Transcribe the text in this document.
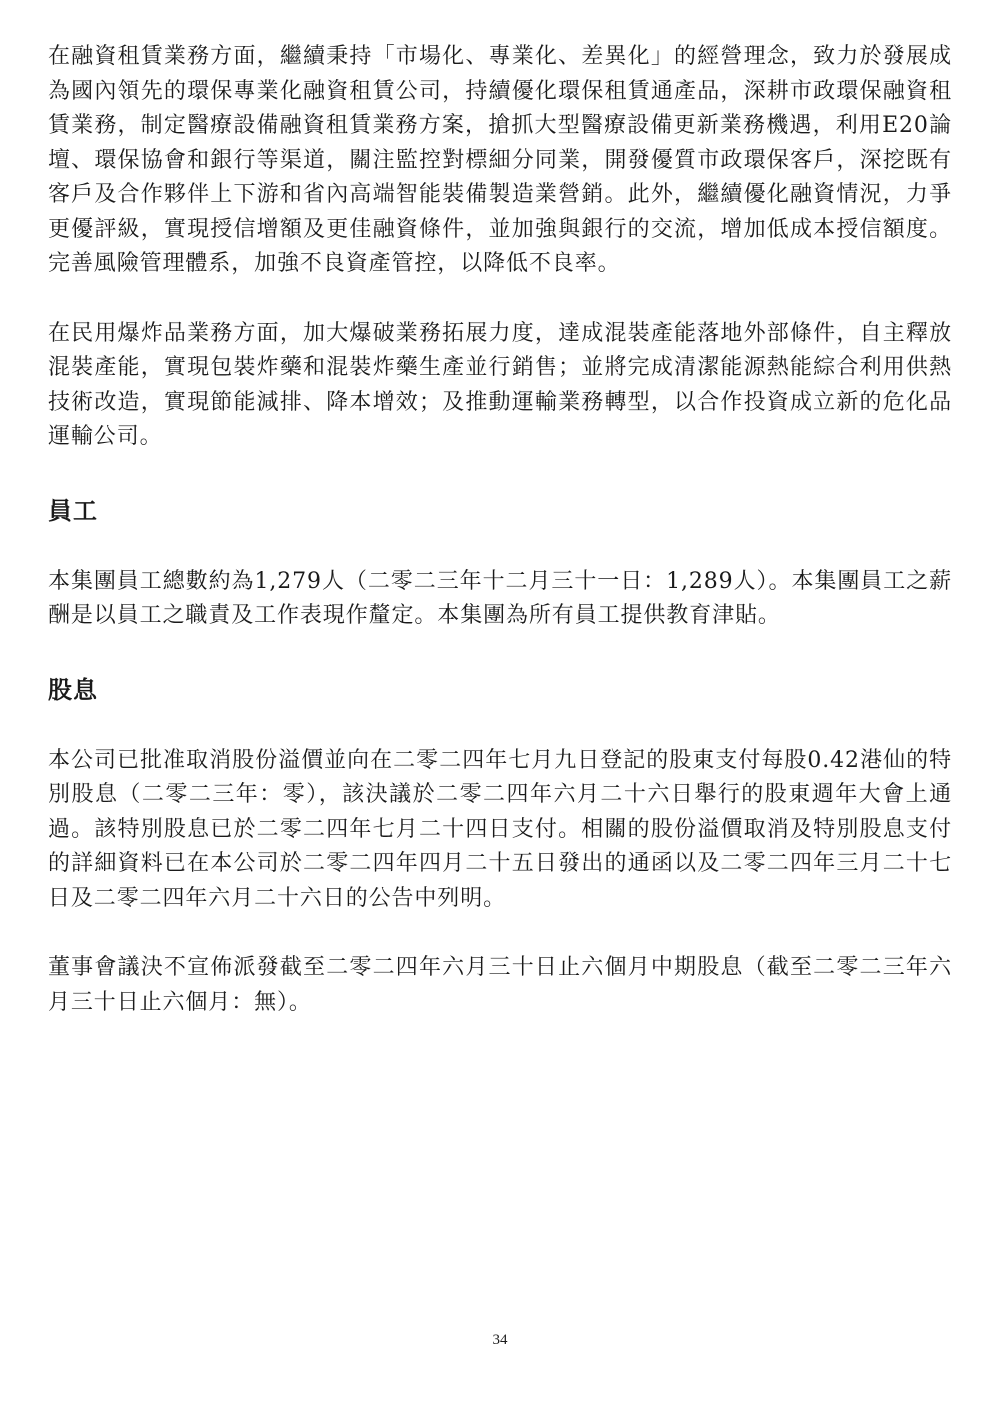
在融資租賃業務方面，繼續秉持「市場化、專業化、差異化」的經營理念，致力於發展成為國內領先的環保專業化融資租賃公司，持續優化環保租賃通產品，深耕市政環保融資租賃業務，制定醫療設備融資租賃業務方案，搶抓大型醫療設備更新業務機遇，利用E20論壇、環保協會和銀行等渠道，關注監控對標細分同業，開發優質市政環保客戶，深挖既有客戶及合作夥伴上下游和省內高端智能裝備製造業營銷。此外，繼續優化融資情況，力爭更優評級，實現授信增額及更佳融資條件，並加強與銀行的交流，增加低成本授信額度。完善風險管理體系，加強不良資產管控，以降低不良率。

在民用爆炸品業務方面，加大爆破業務拓展力度，達成混裝產能落地外部條件，自主釋放混裝產能，實現包裝炸藥和混裝炸藥生產並行銷售；並將完成清潔能源熱能綜合利用供熱技術改造，實現節能減排、降本增效；及推動運輸業務轉型，以合作投資成立新的危化品運輸公司。

員工

本集團員工總數約為1,279人（二零二三年十二月三十一日：1,289人）。本集團員工之薪酬是以員工之職責及工作表現作釐定。本集團為所有員工提供教育津貼。

股息

本公司已批准取消股份溢價並向在二零二四年七月九日登記的股東支付每股0.42港仙的特別股息（二零二三年：零），該決議於二零二四年六月二十六日舉行的股東週年大會上通過。該特別股息已於二零二四年七月二十四日支付。相關的股份溢價取消及特別股息支付的詳細資料已在本公司於二零二四年四月二十五日發出的通函以及二零二四年三月二十七日及二零二四年六月二十六日的公告中列明。

董事會議決不宣佈派發截至二零二四年六月三十日止六個月中期股息（截至二零二三年六月三十日止六個月：無）。

34
